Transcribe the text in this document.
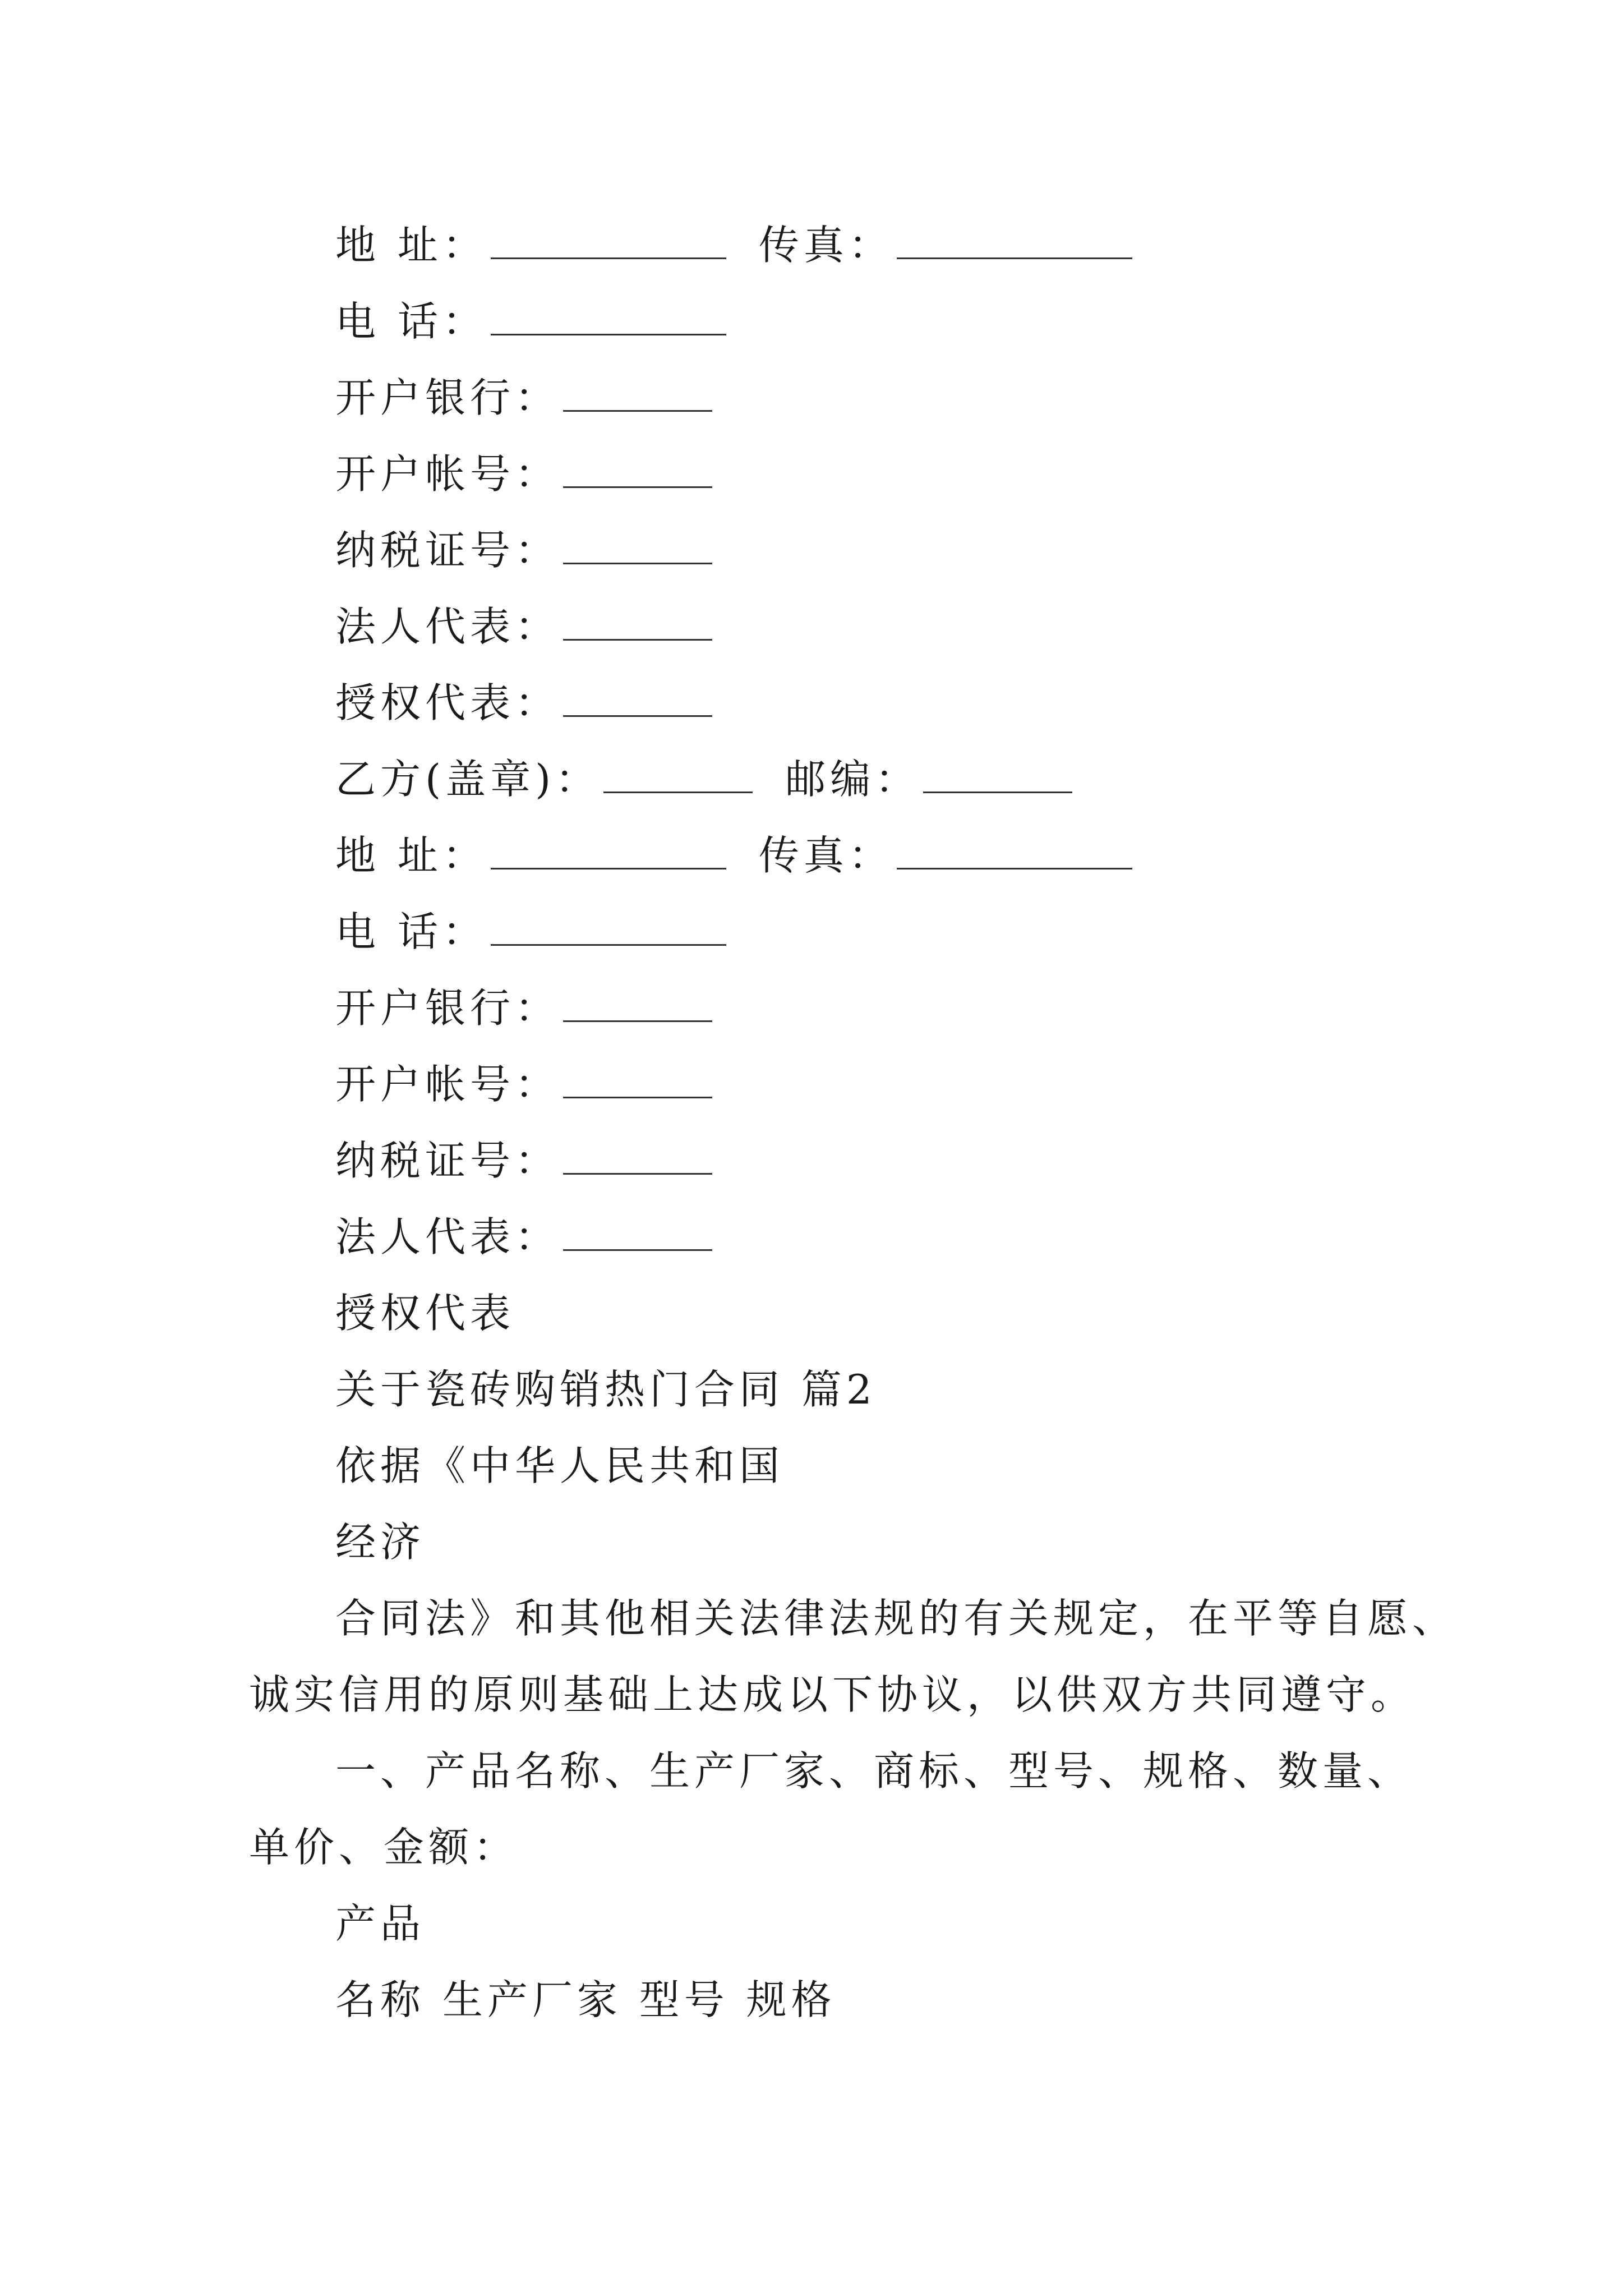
地 址：	传真：
电 话：
开户银行：
开户帐号：
纳税证号：
法人代表：
授权代表：
乙方(盖章)：	邮编：
地 址：	传真：
电 话：
开户银行：
开户帐号：
纳税证号：
法人代表：
授权代表
关于瓷砖购销热门合同 篇2
依据《中华人民共和国
经济
合同法》和其他相关法律法规的有关规定，在平等自愿、
诚实信用的原则基础上达成以下协议，以供双方共同遵守。
一、产品名称、生产厂家、商标、型号、规格、数量、
单价、金额：
产品
名称 生产厂家 型号 规格
